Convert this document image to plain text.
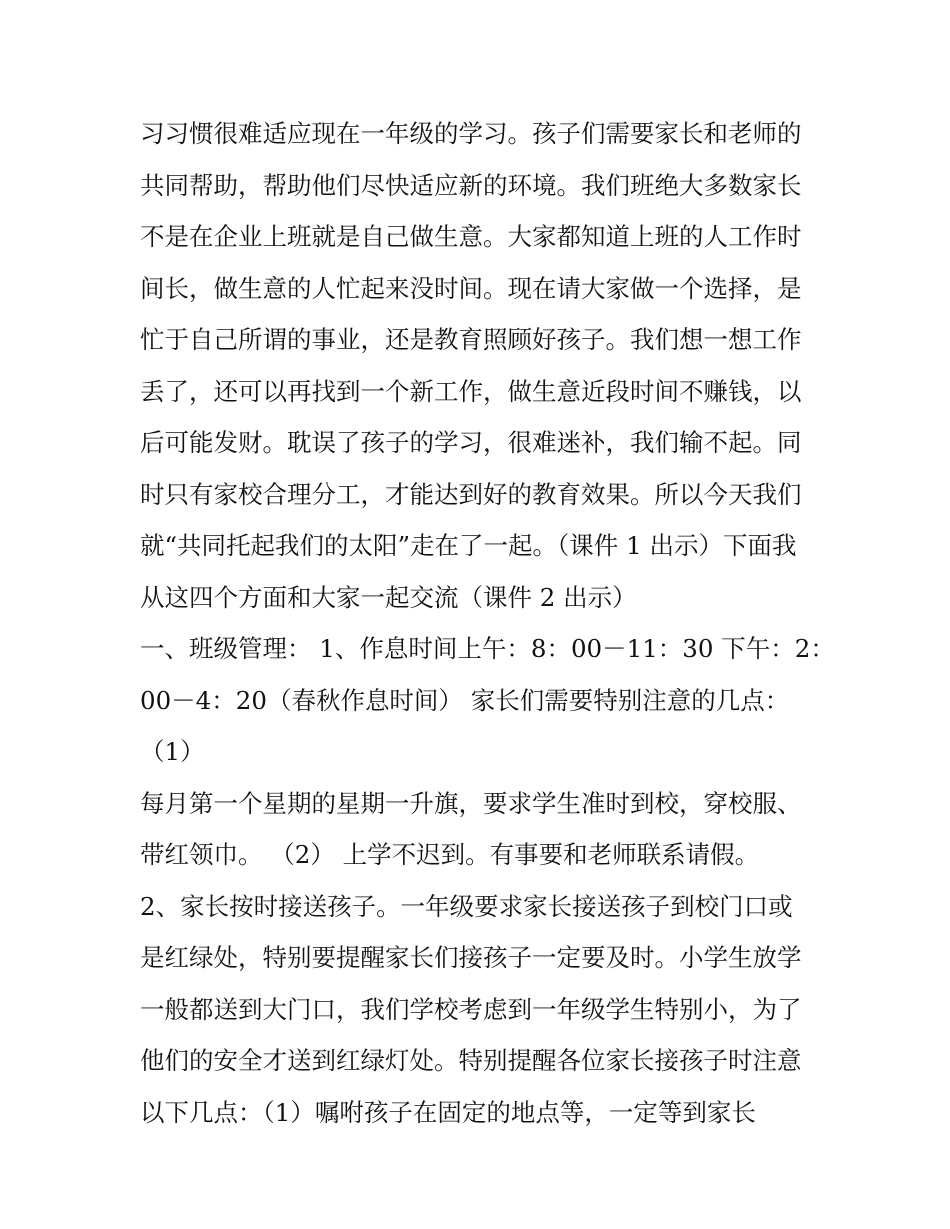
习习惯很难适应现在一年级的学习。孩子们需要家长和老师的
共同帮助，帮助他们尽快适应新的环境。我们班绝大多数家长
不是在企业上班就是自己做生意。大家都知道上班的人工作时
间长，做生意的人忙起来没时间。现在请大家做一个选择，是
忙于自己所谓的事业，还是教育照顾好孩子。我们想一想工作
丢了，还可以再找到一个新工作，做生意近段时间不赚钱，以
后可能发财。耽误了孩子的学习，很难迷补，我们输不起。同
时只有家校合理分工，才能达到好的教育效果。所以今天我们
就“共同托起我们的太阳”走在了一起。（课件 1 出示）下面我
从这四个方面和大家一起交流（课件 2 出示）
一、班级管理： 1、作息时间上午：8：00－11：30 下午：2：
00－4：20（春秋作息时间） 家长们需要特别注意的几点：
（1）
每月第一个星期的星期一升旗，要求学生准时到校，穿校服、
带红领巾。 （2） 上学不迟到。有事要和老师联系请假。
2、家长按时接送孩子。一年级要求家长接送孩子到校门口或
是红绿处，特别要提醒家长们接孩子一定要及时。小学生放学
一般都送到大门口，我们学校考虑到一年级学生特别小，为了
他们的安全才送到红绿灯处。特别提醒各位家长接孩子时注意
以下几点：（1）嘱咐孩子在固定的地点等，一定等到家长
